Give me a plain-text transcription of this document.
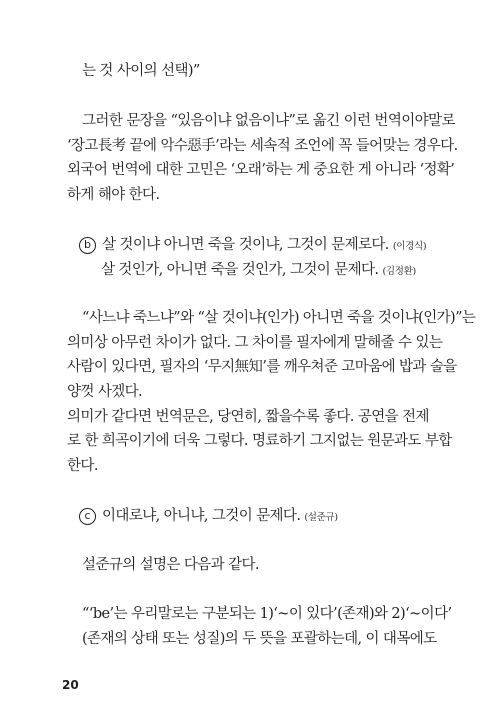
는 것 사이의 선택)”
그러한 문장을 “있음이냐 없음이냐”로 옮긴 이런 번역이야말로
‘장고長考 끝에 악수惡手’라는 세속적 조언에 꼭 들어맞는 경우다.
외국어 번역에 대한 고민은 ‘오래’하는 게 중요한 게 아니라 ‘정확’
하게 해야 한다.
b 살 것이냐 아니면 죽을 것이냐, 그것이 문제로다. (이경식)
살 것인가, 아니면 죽을 것인가, 그것이 문제다. (김정환)
“사느냐 죽느냐”와 “살 것이냐(인가) 아니면 죽을 것이냐(인가)”는
의미상 아무런 차이가 없다. 그 차이를 필자에게 말해줄 수 있는
사람이 있다면, 필자의 ‘무지無知’를 깨우쳐준 고마움에 밥과 술을
양껏 사겠다.
의미가 같다면 번역문은, 당연히, 짧을수록 좋다. 공연을 전제
로 한 희곡이기에 더욱 그렇다. 명료하기 그지없는 원문과도 부합
한다.
c 이대로냐, 아니냐, 그것이 문제다. (설준규)
설준규의 설명은 다음과 같다.
“‘be’는 우리말로는 구분되는 1)‘~이 있다’(존재)와 2)‘~이다’
(존재의 상태 또는 성질)의 두 뜻을 포괄하는데, 이 대목에도
20
